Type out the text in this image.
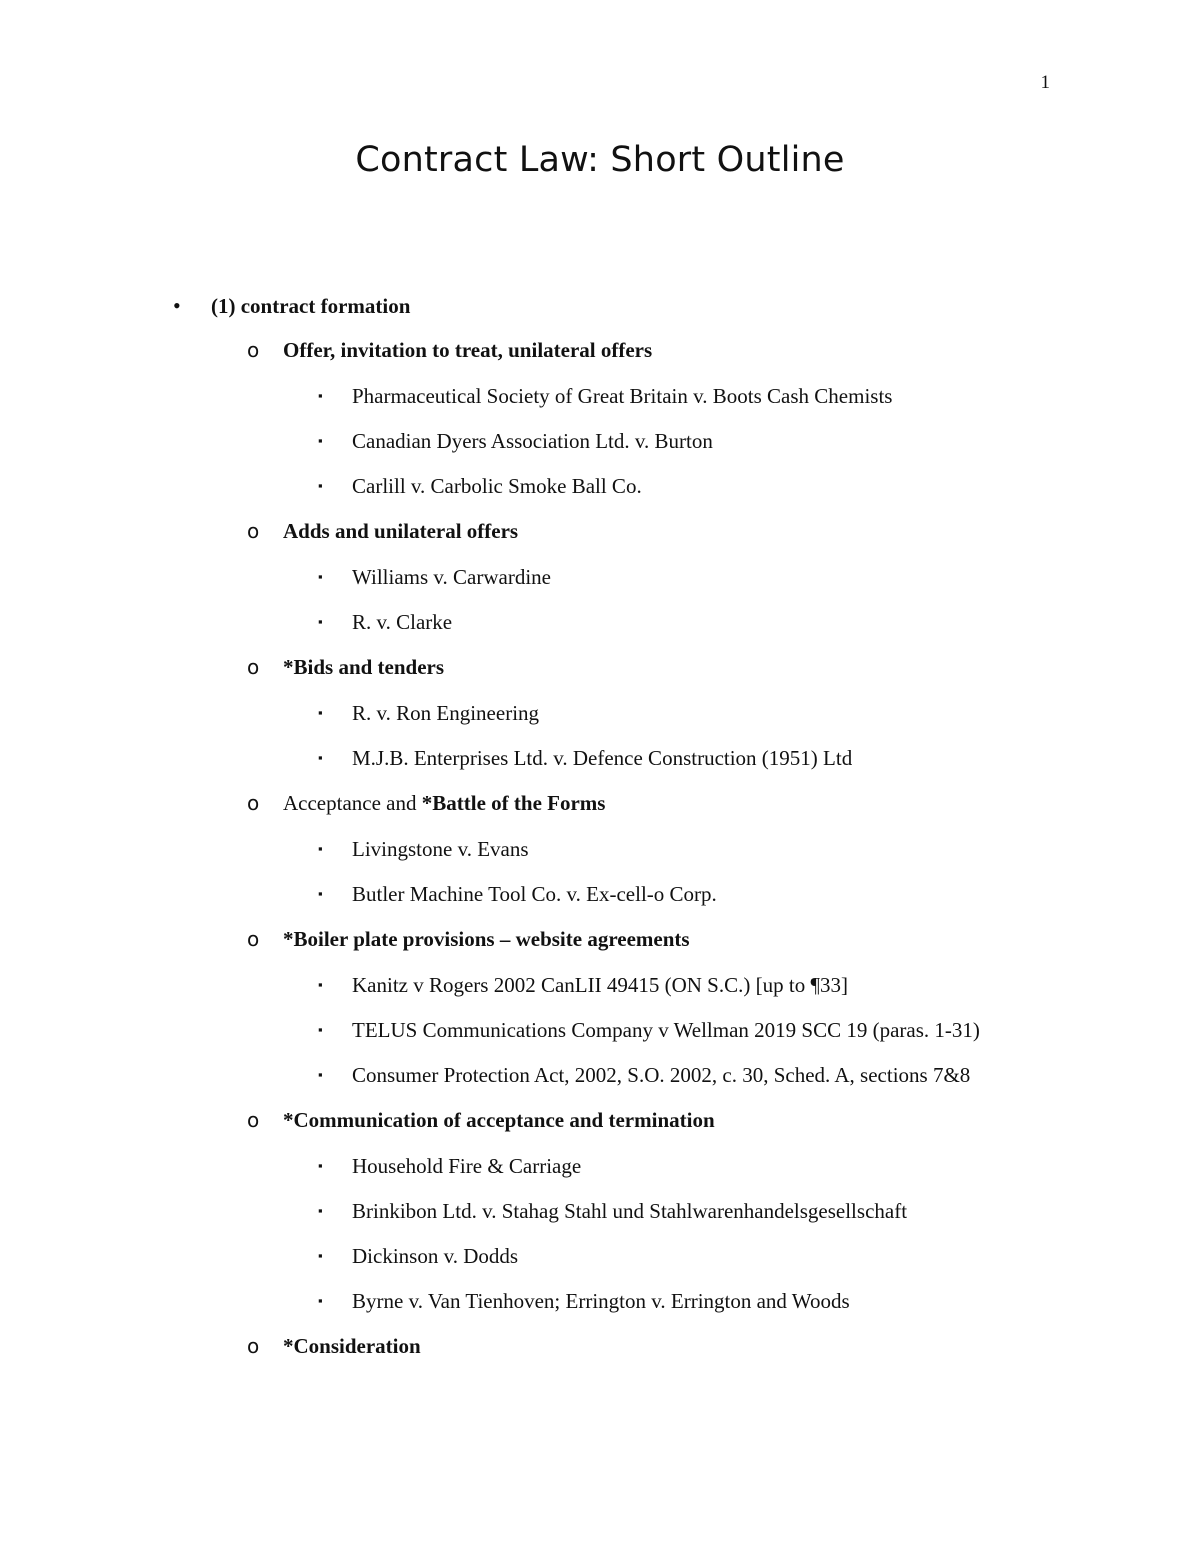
1
Contract Law: Short Outline
• (1) contract formation
o Offer, invitation to treat, unilateral offers
▪ Pharmaceutical Society of Great Britain v. Boots Cash Chemists
▪ Canadian Dyers Association Ltd. v. Burton
▪ Carlill v. Carbolic Smoke Ball Co.
o Adds and unilateral offers
▪ Williams v. Carwardine
▪ R. v. Clarke
o *Bids and tenders
▪ R. v. Ron Engineering
▪ M.J.B. Enterprises Ltd. v. Defence Construction (1951) Ltd
o Acceptance and *Battle of the Forms
▪ Livingstone v. Evans
▪ Butler Machine Tool Co. v. Ex-cell-o Corp.
o *Boiler plate provisions – website agreements
▪ Kanitz v Rogers 2002 CanLII 49415 (ON S.C.) [up to ¶33]
▪ TELUS Communications Company v Wellman 2019 SCC 19 (paras. 1-31)
▪ Consumer Protection Act, 2002, S.O. 2002, c. 30, Sched. A, sections 7&8
o *Communication of acceptance and termination
▪ Household Fire & Carriage
▪ Brinkibon Ltd. v. Stahag Stahl und Stahlwarenhandelsgesellschaft
▪ Dickinson v. Dodds
▪ Byrne v. Van Tienhoven; Errington v. Errington and Woods
o *Consideration
